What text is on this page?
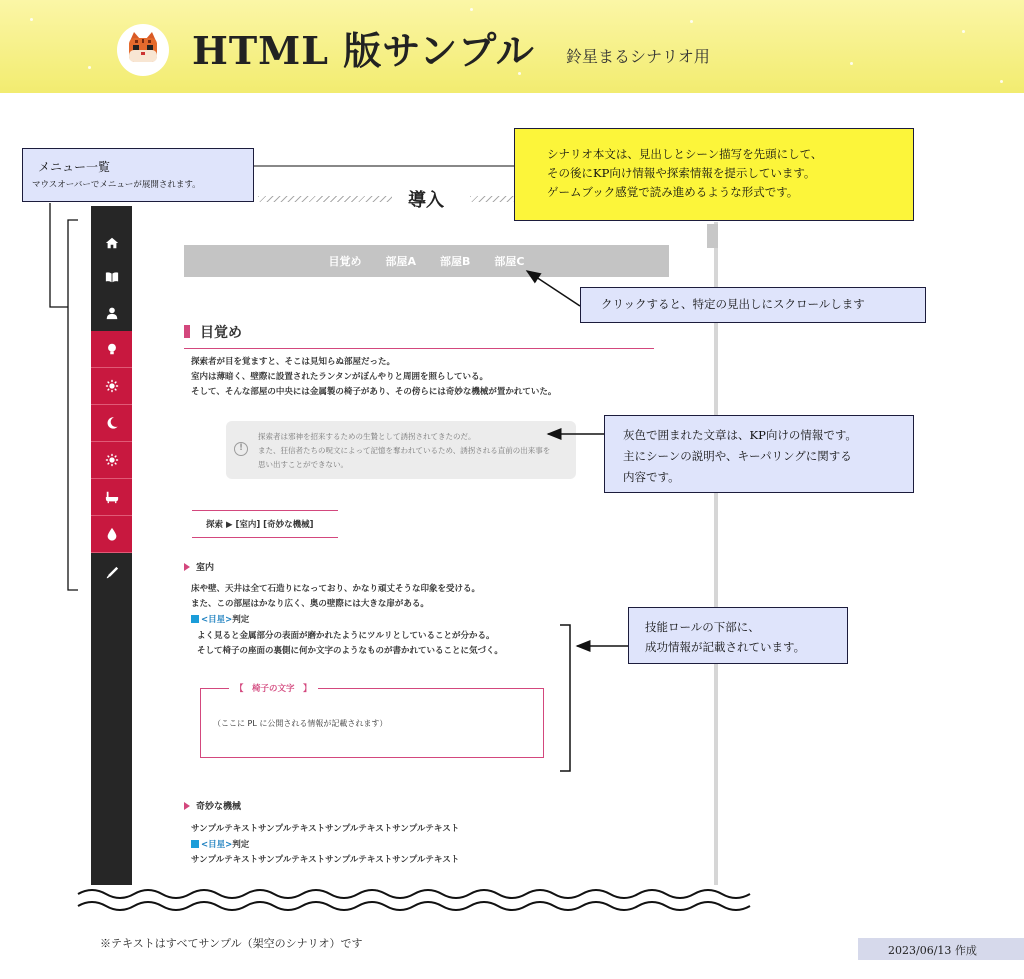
HTML 版サンプル 鈴星まるシナリオ用
導入
目覚め 部屋A 部屋B 部屋C
目覚め
探索者が目を覚ますと、そこは見知らぬ部屋だった。
室内は薄暗く、壁際に設置されたランタンがぼんやりと周囲を照らしている。
そして、そんな部屋の中央には金属製の椅子があり、その傍らには奇妙な機械が置かれていた。
!
探索者は邪神を招来するための生贄として誘拐されてきたのだ。
また、狂信者たちの呪文によって記憶を奪われているため、誘拐される直前の出来事を
思い出すことができない。
探索 ▶ [室内] [奇妙な機械]
室内
床や壁、天井は全て石造りになっており、かなり頑丈そうな印象を受ける。
また、この部屋はかなり広く、奥の壁際には大きな扉がある。
<目星>判定
よく見ると金属部分の表面が磨かれたようにツルリとしていることが分かる。
そして椅子の座面の裏側に何か文字のようなものが書かれていることに気づく。
【　椅子の文字　】
（ここに PL に公開される情報が記載されます）
奇妙な機械
サンプルテキストサンプルテキストサンプルテキストサンプルテキスト
<目星>判定
サンプルテキストサンプルテキストサンプルテキストサンプルテキスト
メニュー一覧
マウスオーバーでメニューが展開されます。
シナリオ本文は、見出しとシーン描写を先頭にして、
その後にKP向け情報や探索情報を提示しています。
ゲームブック感覚で読み進めるような形式です。
クリックすると、特定の見出しにスクロールします
灰色で囲まれた文章は、KP向けの情報です。
主にシーンの説明や、キーパリングに関する
内容です。
技能ロールの下部に、
成功情報が記載されています。
※テキストはすべてサンプル（架空のシナリオ）です
2023/06/13 作成
